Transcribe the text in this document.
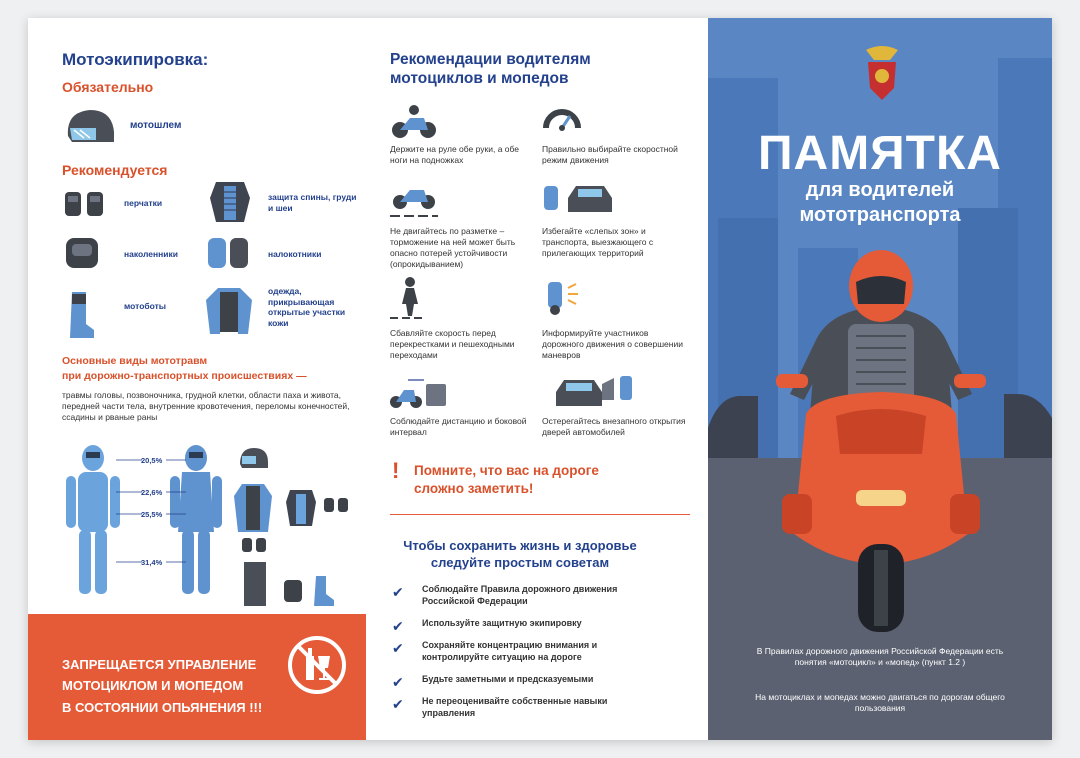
Мотоэкипировка:
Обязательно
мотошлем
Рекомендуется
перчатки
защита спины, груди и шеи
наколенники	налокотники
мотоботы
одежда, прикрывающая открытые участки кожи
Основные виды мототравм
при дорожно-транспортных происшествиях —
травмы головы, позвоночника, грудной клетки, области паха и живота, передней части тела, внутренние кровотечения, переломы конечностей, ссадины и рваные раны
20,5%
22,6%
25,5%
31,4%
ЗАПРЕЩАЕТСЯ УПРАВЛЕНИЕ
МОТОЦИКЛОМ И МОПЕДОМ
В СОСТОЯНИИ ОПЬЯНЕНИЯ !!!
Рекомендации водителям
мотоциклов и мопедов
Держите на руле обе руки, а обе ноги на подножках
Правильно выбирайте скоростной режим движения
Не двигайтесь по разметке – торможение на ней может быть опасно потерей устойчивости (опрокидыванием)
Избегайте «слепых зон» и транспорта, выезжающего с прилегающих территорий
Сбавляйте скорость перед перекрестками и пешеходными переходами
Информируйте участников дорожного движения о совершении маневров
Соблюдайте дистанцию и боковой интервал
Остерегайтесь внезапного открытия дверей автомобилей
! Помните, что вас на дороге
сложно заметить!
Чтобы сохранить жизнь и здоровье
следуйте простым советам
✔ Соблюдайте Правила дорожного движения Российской Федерации
✔ Используйте защитную экипировку
✔ Сохраняйте концентрацию внимания и контролируйте ситуацию на дороге
✔ Будьте заметными и предсказуемыми
✔ Не переоценивайте собственные навыки управления
ПАМЯТКА
для водителей
мототранспорта
В Правилах дорожного движения Российской Федерации есть понятия «мотоцикл» и «мопед» (пункт 1.2 )
На мотоциклах и мопедах можно двигаться по дорогам общего пользования
